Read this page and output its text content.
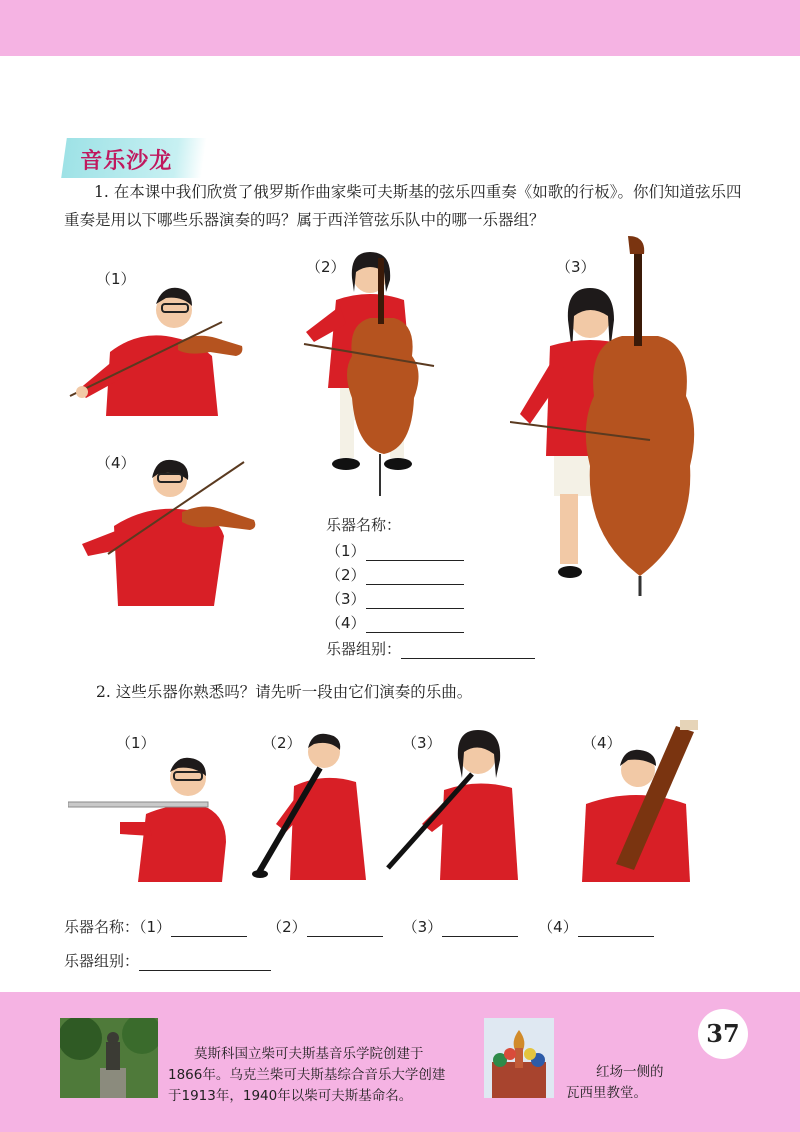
音乐沙龙
1. 在本课中我们欣赏了俄罗斯作曲家柴可夫斯基的弦乐四重奏《如歌的行板》。你们知道弦乐四重奏是用以下哪些乐器演奏的吗？属于西洋管弦乐队中的哪一乐器组？
（1）
（2）	（3）
（4）
乐器名称：
（1）
（2）
（3）
（4）
乐器组别：
2. 这些乐器你熟悉吗？请先听一段由它们演奏的乐曲。
（1）	（2）	（3）	（4）
乐器名称：（1）	（2）	（3）	（4）
乐器组别：
莫斯科国立柴可夫斯基音乐学院创建于1866年。乌克兰柴可夫斯基综合音乐大学创建于1913年，1940年以柴可夫斯基命名。
红场一侧的瓦西里教堂。
37
